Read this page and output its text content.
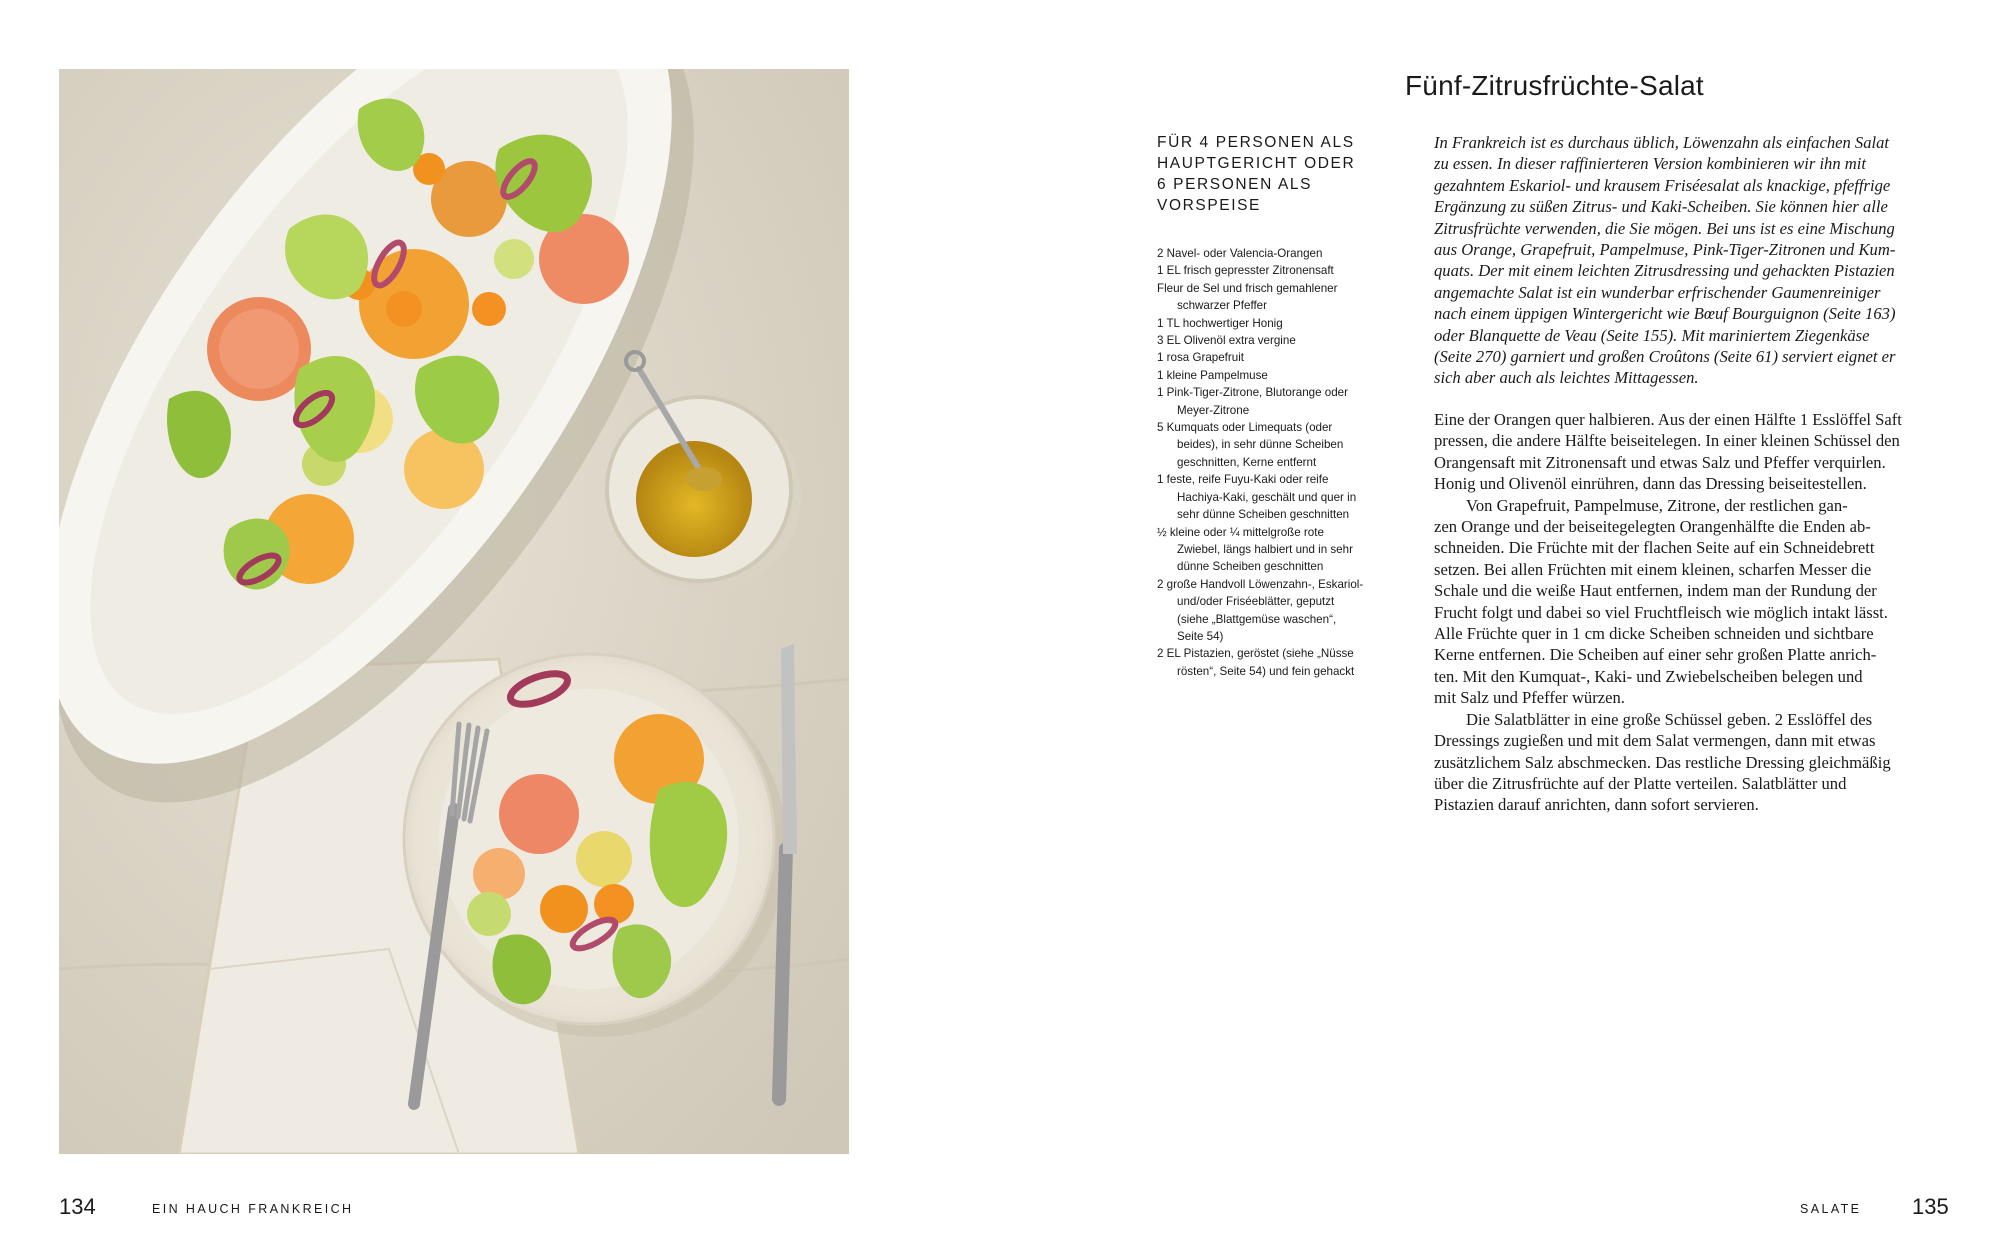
Fünf-Zitrusfrüchte-Salat
FÜR 4 PERSONEN ALS
HAUPTGERICHT ODER
6 PERSONEN ALS
VORSPEISE
2 Navel- oder Valencia-Orangen
1 EL frisch gepresster Zitronensaft
Fleur de Sel und frisch gemahlener
schwarzer Pfeffer
1 TL hochwertiger Honig
3 EL Olivenöl extra vergine
1 rosa Grapefruit
1 kleine Pampelmuse
1 Pink-Tiger-Zitrone, Blutorange oder
Meyer-Zitrone
5 Kumquats oder Limequats (oder
beides), in sehr dünne Scheiben
geschnitten, Kerne entfernt
1 feste, reife Fuyu-Kaki oder reife
Hachiya-Kaki, geschält und quer in
sehr dünne Scheiben geschnitten
½ kleine oder ¼ mittelgroße rote
Zwiebel, längs halbiert und in sehr
dünne Scheiben geschnitten
2 große Handvoll Löwenzahn-, Eskariol-
und/oder Friséeblätter, geputzt
(siehe „Blattgemüse waschen“,
Seite 54)
2 EL Pistazien, geröstet (siehe „Nüsse
rösten“, Seite 54) und fein gehackt
In Frankreich ist es durchaus üblich, Löwenzahn als einfachen Salat
zu essen. In dieser raffinierteren Version kombinieren wir ihn mit
gezahntem Eskariol- und krausem Friséesalat als knackige, pfeffrige
Ergänzung zu süßen Zitrus- und Kaki-Scheiben. Sie können hier alle
Zitrusfrüchte verwenden, die Sie mögen. Bei uns ist es eine Mischung
aus Orange, Grapefruit, Pampelmuse, Pink-Tiger-Zitronen und Kum-
quats. Der mit einem leichten Zitrusdressing und gehackten Pistazien
angemachte Salat ist ein wunderbar erfrischender Gaumenreiniger
nach einem üppigen Wintergericht wie Bœuf Bourguignon (Seite 163)
oder Blanquette de Veau (Seite 155). Mit mariniertem Ziegenkäse
(Seite 270) garniert und großen Croûtons (Seite 61) serviert eignet er
sich aber auch als leichtes Mittagessen.
Eine der Orangen quer halbieren. Aus der einen Hälfte 1 Esslöffel Saft
pressen, die andere Hälfte beiseitelegen. In einer kleinen Schüssel den
Orangensaft mit Zitronensaft und etwas Salz und Pfeffer verquirlen.
Honig und Olivenöl einrühren, dann das Dressing beiseitestellen.
Von Grapefruit, Pampelmuse, Zitrone, der restlichen gan-
zen Orange und der beiseitegelegten Orangenhälfte die Enden ab-
schneiden. Die Früchte mit der flachen Seite auf ein Schneidebrett
setzen. Bei allen Früchten mit einem kleinen, scharfen Messer die
Schale und die weiße Haut entfernen, indem man der Rundung der
Frucht folgt und dabei so viel Fruchtfleisch wie möglich intakt lässt.
Alle Früchte quer in 1 cm dicke Scheiben schneiden und sichtbare
Kerne entfernen. Die Scheiben auf einer sehr großen Platte anrich-
ten. Mit den Kumquat-, Kaki- und Zwiebelscheiben belegen und
mit Salz und Pfeffer würzen.
Die Salatblätter in eine große Schüssel geben. 2 Esslöffel des
Dressings zugießen und mit dem Salat vermengen, dann mit etwas
zusätzlichem Salz abschmecken. Das restliche Dressing gleichmäßig
über die Zitrusfrüchte auf der Platte verteilen. Salatblätter und
Pistazien darauf anrichten, dann sofort servieren.
134	EIN HAUCH FRANKREICH	SALATE 135
